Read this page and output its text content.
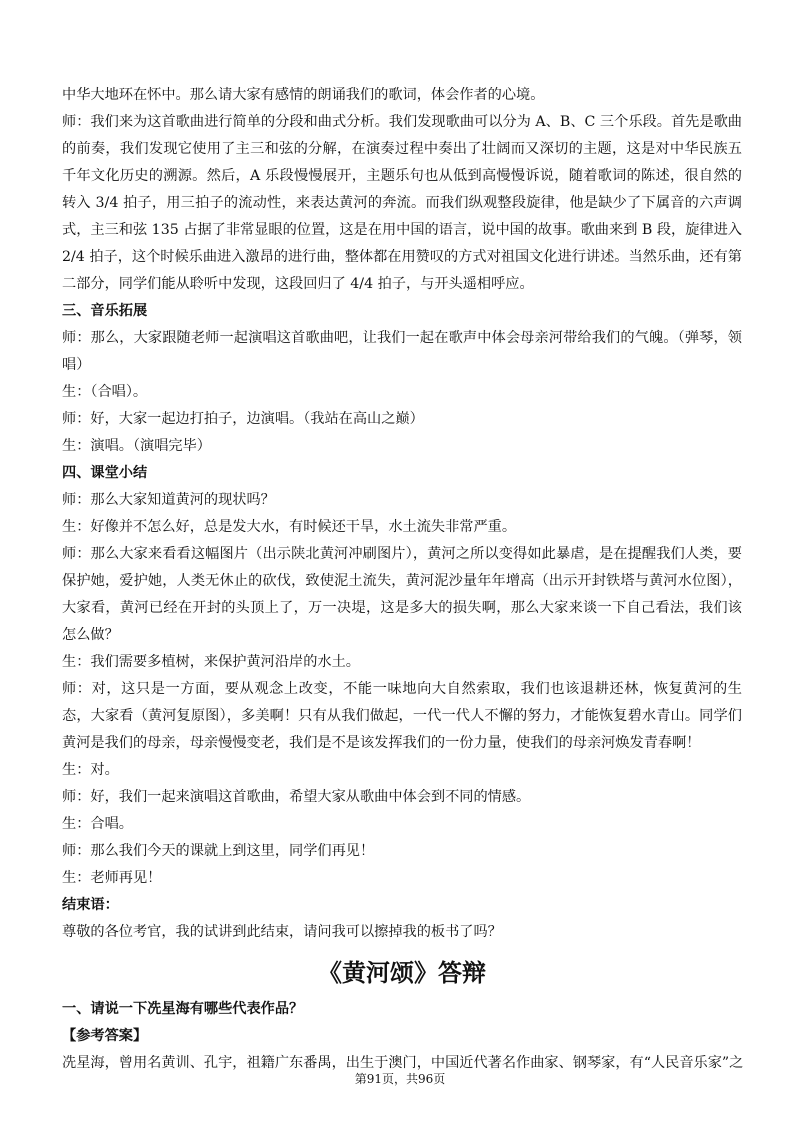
中华大地环在怀中。那么请大家有感情的朗诵我们的歌词，体会作者的心境。

师：我们来为这首歌曲进行简单的分段和曲式分析。我们发现歌曲可以分为 A、B、C 三个乐段。首先是歌曲的前奏，我们发现它使用了主三和弦的分解，在演奏过程中奏出了壮阔而又深切的主题，这是对中华民族五千年文化历史的溯源。然后，A 乐段慢慢展开，主题乐句也从低到高慢慢诉说，随着歌词的陈述，很自然的转入 3/4 拍子，用三拍子的流动性，来表达黄河的奔流。而我们纵观整段旋律，他是缺少了下属音的六声调式，主三和弦 135 占据了非常显眼的位置，这是在用中国的语言，说中国的故事。歌曲来到 B 段，旋律进入 2/4 拍子，这个时候乐曲进入激昂的进行曲，整体都在用赞叹的方式对祖国文化进行讲述。当然乐曲，还有第二部分，同学们能从聆听中发现，这段回归了 4/4 拍子，与开头遥相呼应。

三、音乐拓展

师：那么，大家跟随老师一起演唱这首歌曲吧，让我们一起在歌声中体会母亲河带给我们的气魄。（弹琴，领唱）

生：（合唱）。

师：好，大家一起边打拍子，边演唱。（我站在高山之巅）

生：演唱。（演唱完毕）

四、课堂小结

师：那么大家知道黄河的现状吗？

生：好像并不怎么好，总是发大水，有时候还干旱，水土流失非常严重。

师：那么大家来看看这幅图片（出示陕北黄河冲刷图片），黄河之所以变得如此暴虐，是在提醒我们人类，要保护她，爱护她，人类无休止的砍伐，致使泥土流失，黄河泥沙量年年增高（出示开封铁塔与黄河水位图），大家看，黄河已经在开封的头顶上了，万一决堤，这是多大的损失啊，那么大家来谈一下自己看法，我们该怎么做？

生：我们需要多植树，来保护黄河沿岸的水土。

师：对，这只是一方面，要从观念上改变，不能一味地向大自然索取，我们也该退耕还林，恢复黄河的生态，大家看（黄河复原图），多美啊！只有从我们做起，一代一代人不懈的努力，才能恢复碧水青山。同学们黄河是我们的母亲，母亲慢慢变老，我们是不是该发挥我们的一份力量，使我们的母亲河焕发青春啊！

生：对。

师：好，我们一起来演唱这首歌曲，希望大家从歌曲中体会到不同的情感。

生：合唱。

师：那么我们今天的课就上到这里，同学们再见！

生：老师再见！

结束语：

尊敬的各位考官，我的试讲到此结束，请问我可以擦掉我的板书了吗？

《黄河颂》答辩

一、请说一下冼星海有哪些代表作品？

【参考答案】

冼星海，曾用名黄训、孔宇，祖籍广东番禺，出生于澳门，中国近代著名作曲家、钢琴家，有“人民音乐家”之

第91页，共96页
